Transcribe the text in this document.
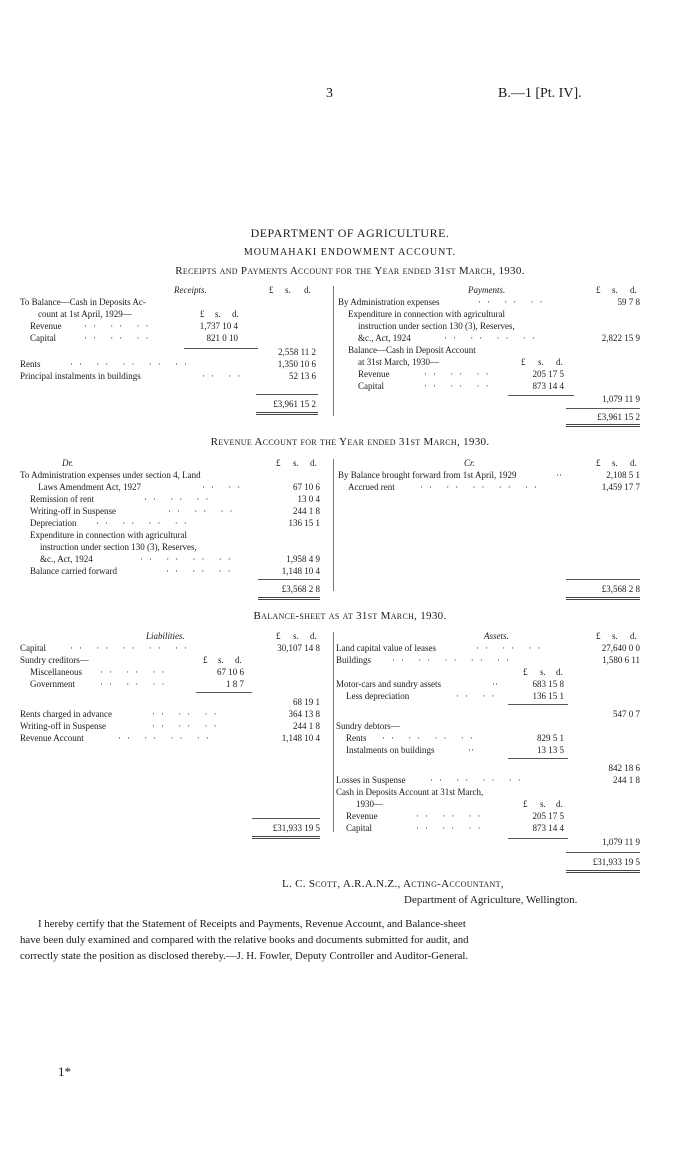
3	B.—1 [Pt. IV].
DEPARTMENT OF AGRICULTURE.
MOUMAHAKI ENDOWMENT ACCOUNT.
Receipts and Payments Account for the Year ended 31st March, 1930.
Receipts.	£ s. d.
To Balance—Cash in Deposits Ac-
count at 1st April, 1929—	£ s. d.
Revenue	·· ·· ··	1,737 10 4
Capital	·· ·· ··	821 0 10
2,558 11 2
Rents	·· ·· ·· ·· ··	1,350 10 6
Principal instalments in buildings	·· ··	52 13 6
£3,961 15 2
Payments.	£ s. d.
By Administration expenses	·· ·· ··	59 7 8
Expenditure in connection with agricultural
instruction under section 130 (3), Reserves,
&c., Act, 1924	·· ·· ·· ··	2,822 15 9
Balance—Cash in Deposit Account
at 31st March, 1930—	£ s. d.
Revenue	·· ·· ··	205 17 5
Capital	·· ·· ··	873 14 4
1,079 11 9
£3,961 15 2
Revenue Account for the Year ended 31st March, 1930.
Dr.	£ s. d.
To Administration expenses under section 4, Land
Laws Amendment Act, 1927	·· ··	67 10 6
Remission of rent	·· ·· ··	13 0 4
Writing-off in Suspense	·· ·· ··	244 1 8
Depreciation ·· ·· ·· ··	136 15 1
Expenditure in connection with agricultural
instruction under section 130 (3), Reserves,
&c., Act, 1924	·· ·· ·· ··	1,958 4 9
Balance carried forward	·· ·· ··	1,148 10 4
£3,568 2 8
Cr.	£ s. d.
By Balance brought forward from 1st April, 1929	··	2,108 5 1
Accrued rent	·· ·· ·· ·· ··	1,459 17 7
£3,568 2 8
Balance-sheet as at 31st March, 1930.
Liabilities.	£ s. d.
Capital	·· ·· ·· ·· ··	30,107 14 8
Sundry creditors—	£ s. d.
Miscellaneous ·· ·· ··	67 10 6
Government	·· ·· ··	1 8 7
68 19 1
Rents charged in advance	·· ·· ··	364 13 8
Writing-off in Suspense	·· ·· ··	244 1 8
Revenue Account	·· ·· ·· ··	1,148 10 4
£31,933 19 5
Assets.	£ s. d.
Land capital value of leases	·· ·· ··	27,640 0 0
Buildings ·· ·· ·· ·· ··	1,580 6 11
£ s. d.
Motor-cars and sundry assets	··	683 15 8
Less depreciation	·· ··	136 15 1
547 0 7
Sundry debtors—
Rents ·· ·· ·· ··	829 5 1
Instalments on buildings	··	13 13 5
842 18 6
Losses in Suspense	·· ·· ·· ··	244 1 8
Cash in Deposits Account at 31st March,
1930—	£ s. d.
Revenue	·· ·· ··	205 17 5
Capital	·· ·· ··	873 14 4
1,079 11 9
£31,933 19 5
L. C. Scott, A.R.A.N.Z., Acting-Accountant,
Department of Agriculture, Wellington.
I hereby certify that the Statement of Receipts and Payments, Revenue Account, and Balance-sheet
have been duly examined and compared with the relative books and documents submitted for audit, and
correctly state the position as disclosed thereby.—J. H. Fowler, Deputy Controller and Auditor-General.
1*
